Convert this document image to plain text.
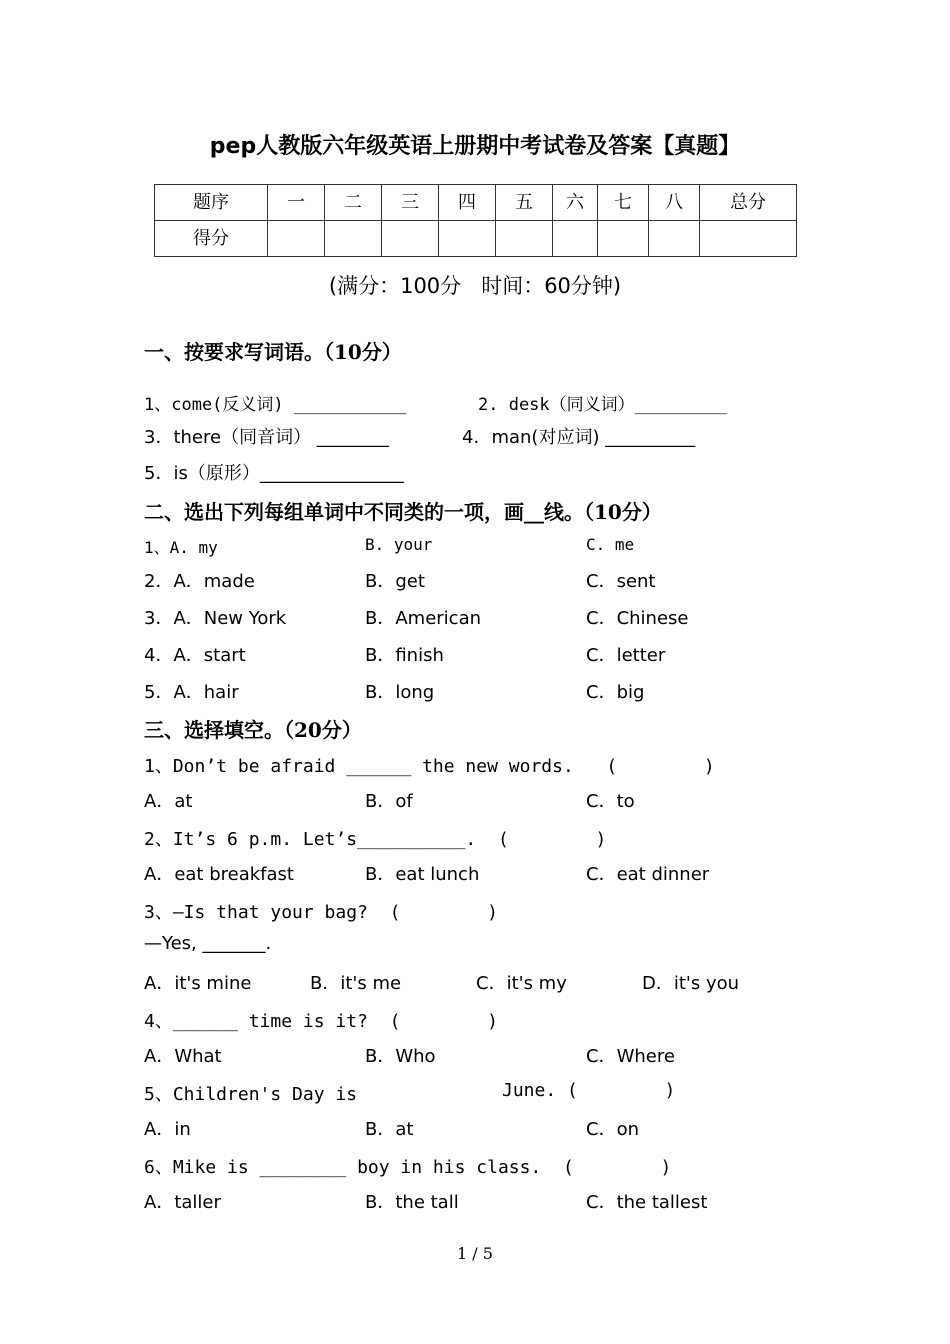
pep人教版六年级英语上册期中考试卷及答案【真题】
题序	一	二	三	四	五	六	七	八	总分
得分									
(满分：100分   时间：60分钟)
一、按要求写词语。（10分）
1、come(反义词) ___________	2. desk（同义词）_________
3．there（同音词） ________	4．man(对应词) __________
5．is（原形）________________
二、选出下列每组单词中不同类的一项，画__线。（10分）
1、A. my	B. your	C. me
2．A．made	B．get	C．sent
3．A．New York	B．American	C．Chinese
4．A．start	B．finish	C．letter
5．A．hair	B．long	C．big
三、选择填空。（20分）
1、Don’t be afraid ______ the new words.   (        )
A．at	B．of	C．to
2、It’s 6 p.m. Let’s__________.  (        )
A．eat breakfast	B．eat lunch	C．eat dinner
3、—Is that your bag?  (        )
—Yes, _______.
A．it's mine	B．it's me	C．it's my	D．it's you
4、______ time is it?  (        )
A．What	B．Who	C．Where
5、Children's Day is	June. (        )
A．in	B．at	C．on
6、Mike is ________ boy in his class.  (        )
A．taller	B．the tall	C．the tallest
1 / 5
